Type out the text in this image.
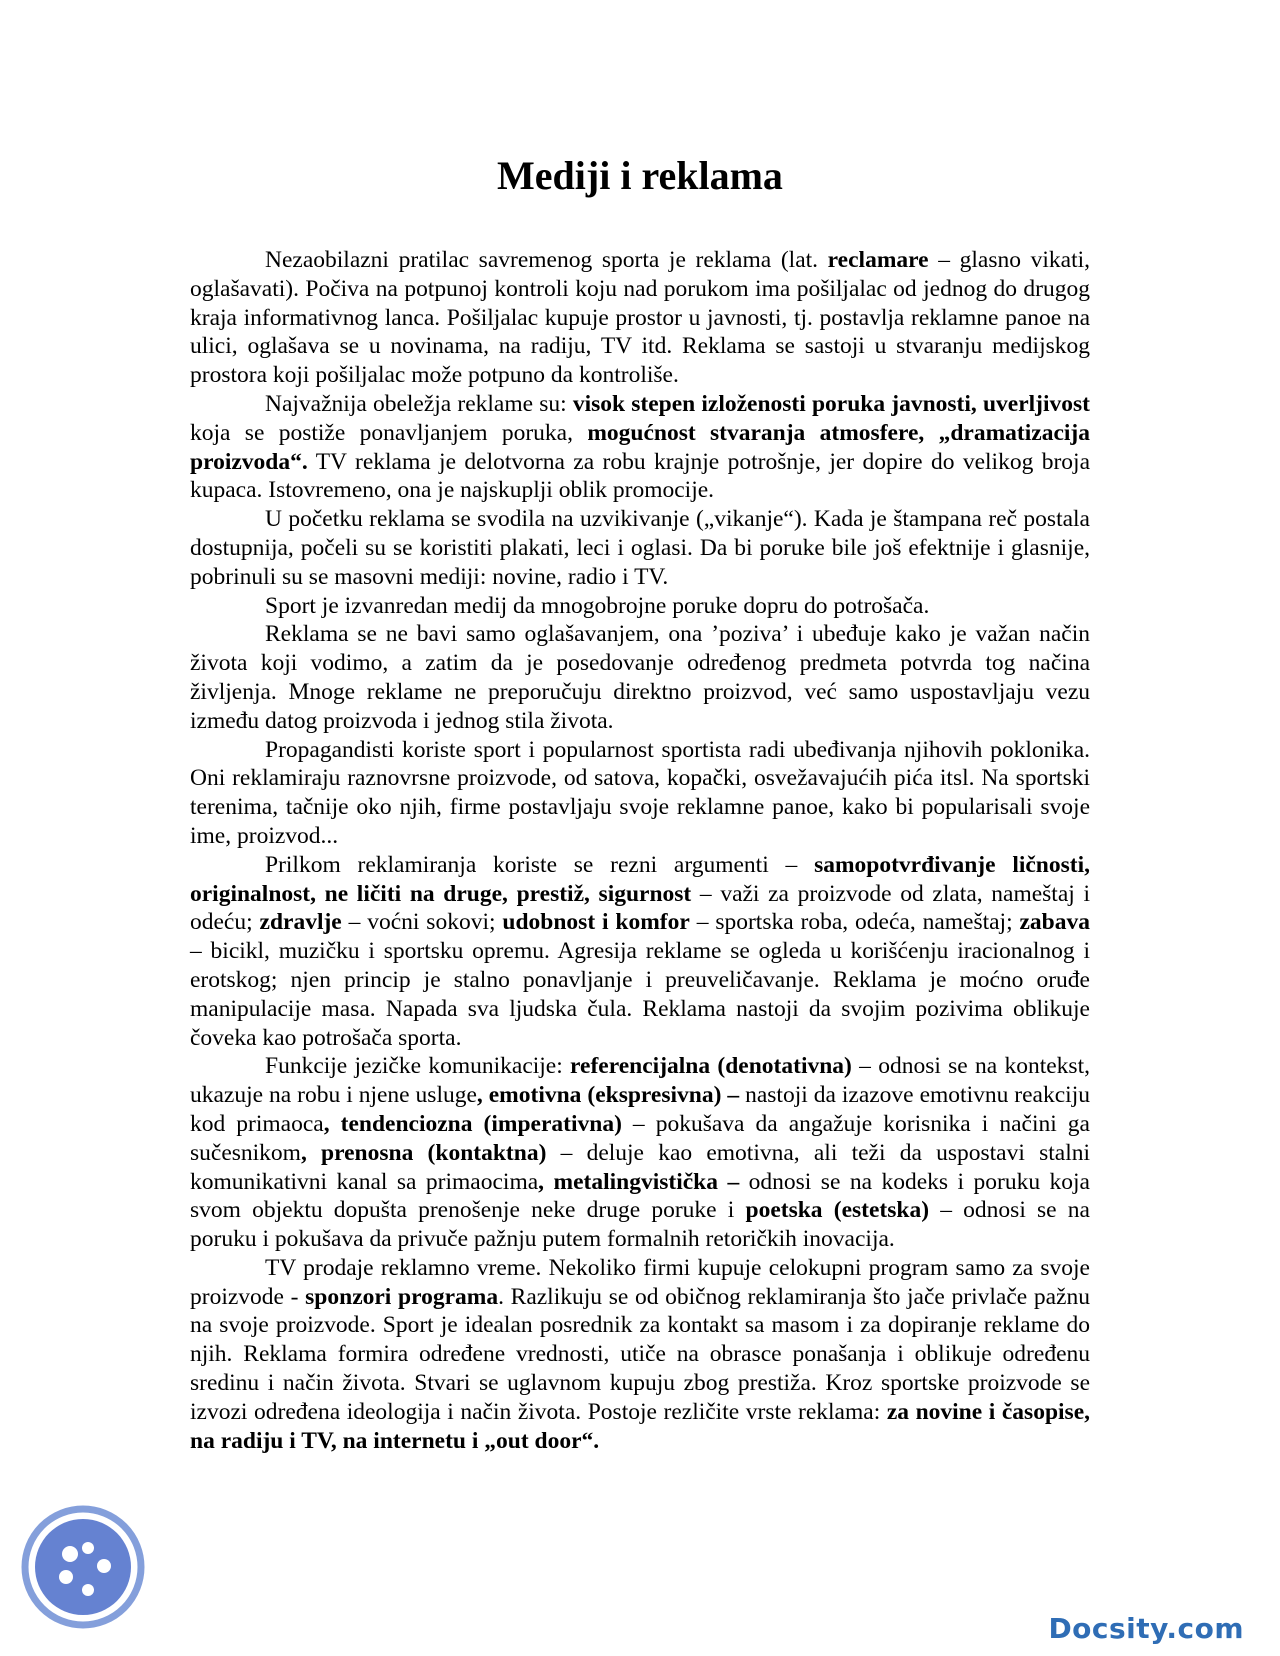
Mediji i reklama

Nezaobilazni pratilac savremenog sporta je reklama (lat. reclamare – glasno vikati, oglašavati). Počiva na potpunoj kontroli koju nad porukom ima pošiljalac od jednog do drugog kraja informativnog lanca. Pošiljalac kupuje prostor u javnosti, tj. postavlja reklamne panoe na ulici, oglašava se u novinama, na radiju, TV itd. Reklama se sastoji u stvaranju medijskog prostora koji pošiljalac može potpuno da kontroliše.

Najvažnija obeležja reklame su: visok stepen izloženosti poruka javnosti, uverljivost koja se postiže ponavljanjem poruka, mogućnost stvaranja atmosfere, „dramatizacija proizvoda“. TV reklama je delotvorna za robu krajnje potrošnje, jer dopire do velikog broja kupaca. Istovremeno, ona je najskuplji oblik promocije.

U početku reklama se svodila na uzvikivanje („vikanje“). Kada je štampana reč postala dostupnija, počeli su se koristiti plakati, leci i oglasi. Da bi poruke bile još efektnije i glasnije, pobrinuli su se masovni mediji: novine, radio i TV.

Sport je izvanredan medij da mnogobrojne poruke dopru do potrošača.

Reklama se ne bavi samo oglašavanjem, ona ’poziva’ i ubeđuje kako je važan način života koji vodimo, a zatim da je posedovanje određenog predmeta potvrda tog načina življenja. Mnoge reklame ne preporučuju direktno proizvod, već samo uspostavljaju vezu između datog proizvoda i jednog stila života.

Propagandisti koriste sport i popularnost sportista radi ubeđivanja njihovih poklonika. Oni reklamiraju raznovrsne proizvode, od satova, kopački, osvežavajućih pića itsl. Na sportski terenima, tačnije oko njih, firme postavljaju svoje reklamne panoe, kako bi popularisali svoje ime, proizvod...

Prilkom reklamiranja koriste se rezni argumenti – samopotvrđivanje ličnosti, originalnost, ne ličiti na druge, prestiž, sigurnost – važi za proizvode od zlata, nameštaj i odeću; zdravlje – voćni sokovi; udobnost i komfor – sportska roba, odeća, nameštaj; zabava – bicikl, muzičku i sportsku opremu. Agresija reklame se ogleda u korišćenju iracionalnog i erotskog; njen princip je stalno ponavljanje i preuveličavanje. Reklama je moćno oruđe manipulacije masa. Napada sva ljudska čula. Reklama nastoji da svojim pozivima oblikuje čoveka kao potrošača sporta.

Funkcije jezičke komunikacije: referencijalna (denotativna) – odnosi se na kontekst, ukazuje na robu i njene usluge, emotivna (ekspresivna) – nastoji da izazove emotivnu reakciju kod primaoca, tendenciozna (imperativna) – pokušava da angažuje korisnika i načini ga sučesnikom, prenosna (kontaktna) – deluje kao emotivna, ali teži da uspostavi stalni komunikativni kanal sa primaocima, metalingvistička – odnosi se na kodeks i poruku koja svom objektu dopušta prenošenje neke druge poruke i poetska (estetska) – odnosi se na poruku i pokušava da privuče pažnju putem formalnih retoričkih inovacija.

TV prodaje reklamno vreme. Nekoliko firmi kupuje celokupni program samo za svoje proizvode - sponzori programa. Razlikuju se od običnog reklamiranja što jače privlače pažnu na svoje proizvode. Sport je idealan posrednik za kontakt sa masom i za dopiranje reklame do njih. Reklama formira određene vrednosti, utiče na obrasce ponašanja i oblikuje određenu sredinu i način života. Stvari se uglavnom kupuju zbog prestiža. Kroz sportske proizvode se izvozi određena ideologija i način života. Postoje rezličite vrste reklama: za novine i časopise, na radiju i TV, na internetu i „out door“.

Docsity.com
